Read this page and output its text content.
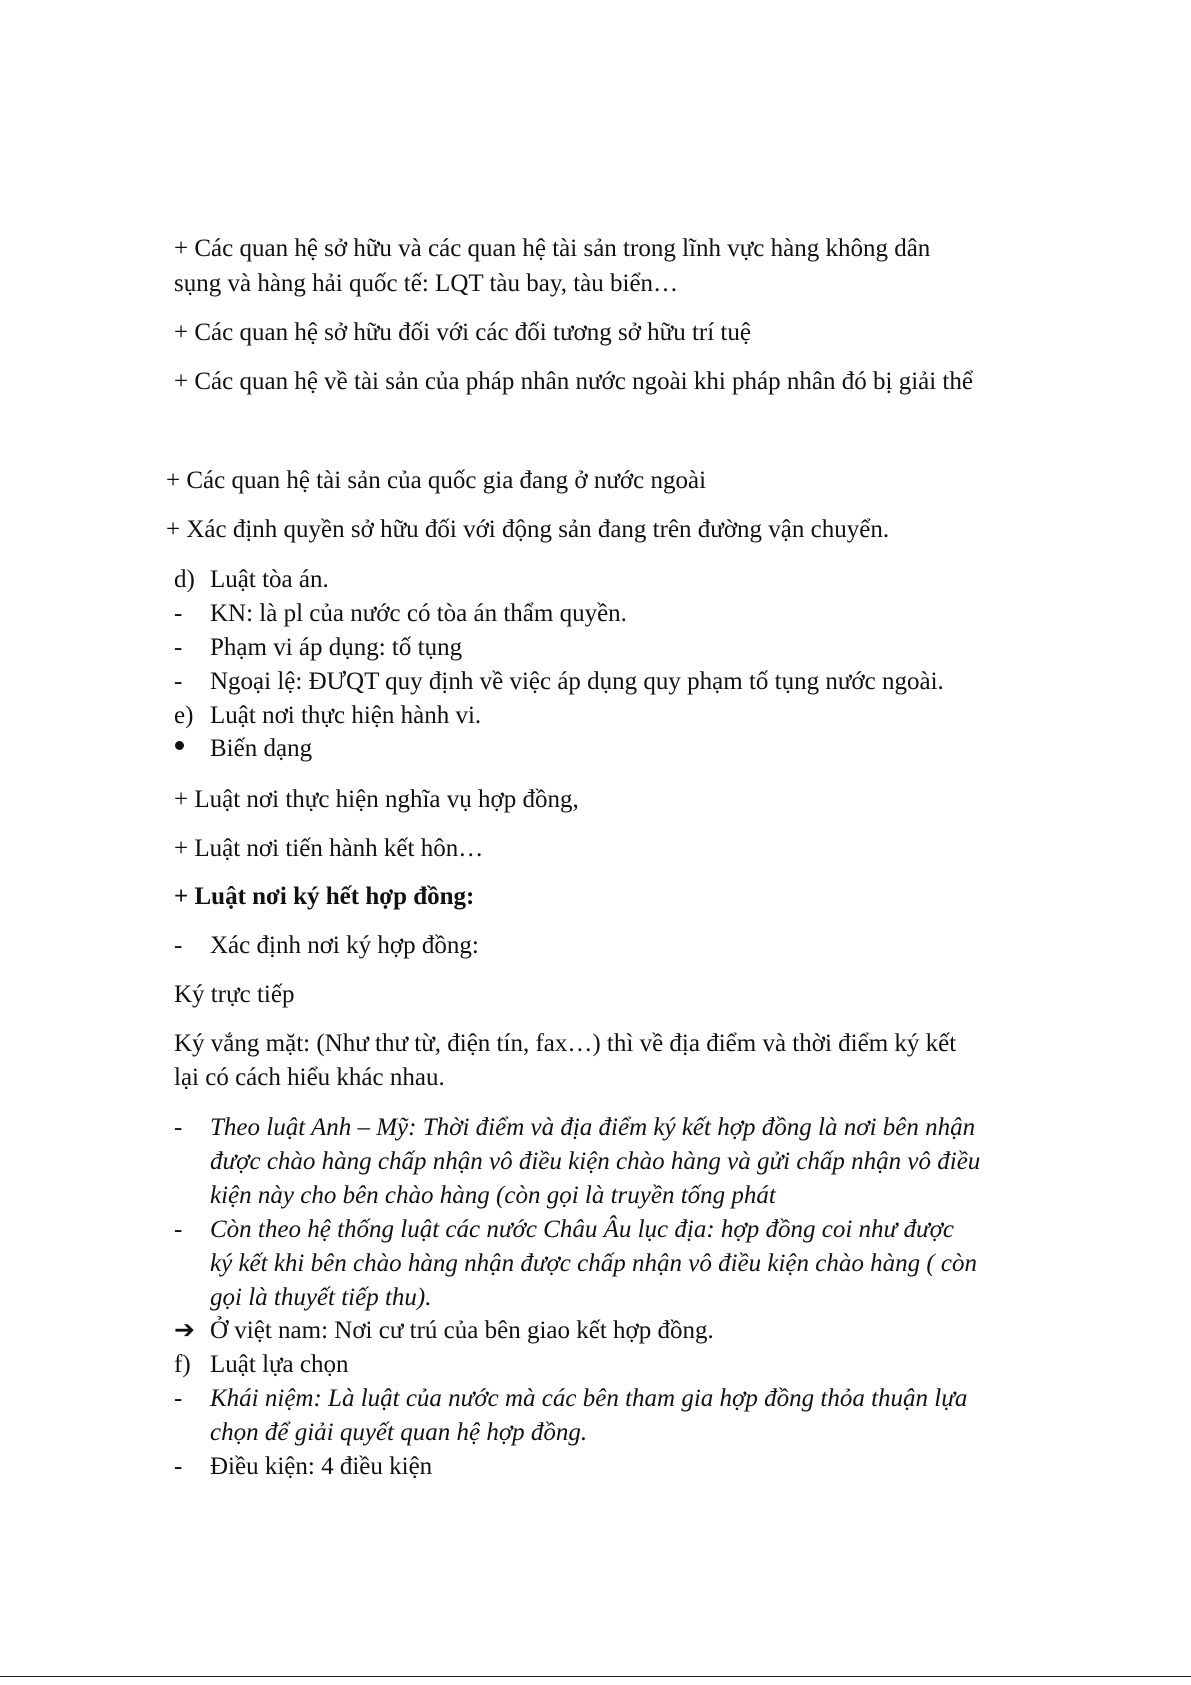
+ Các quan hệ sở hữu và các quan hệ tài sản trong lĩnh vực hàng không dân
sụng và hàng hải quốc tế: LQT tàu bay, tàu biển…
+ Các quan hệ sở hữu đối với các đối tương sở hữu trí tuệ
+ Các quan hệ về tài sản của pháp nhân nước ngoài khi pháp nhân đó bị giải thể
+ Các quan hệ tài sản của quốc gia đang ở nước ngoài
+ Xác định quyền sở hữu đối với động sản đang trên đường vận chuyển.
d) Luật tòa án.
- KN: là pl của nước có tòa án thẩm quyền.
- Phạm vi áp dụng: tố tụng
- Ngoại lệ: ĐƯQT quy định về việc áp dụng quy phạm tố tụng nước ngoài.
e) Luật nơi thực hiện hành vi.
Biến dạng
+ Luật nơi thực hiện nghĩa vụ hợp đồng,
+ Luật nơi tiến hành kết hôn…
+ Luật nơi ký hết hợp đồng:
- Xác định nơi ký hợp đồng:
Ký trực tiếp
Ký vắng mặt: (Như thư từ, điện tín, fax…) thì về địa điểm và thời điểm ký kết
lại có cách hiểu khác nhau.
- Theo luật Anh – Mỹ: Thời điểm và địa điểm ký kết hợp đồng là nơi bên nhận
được chào hàng chấp nhận vô điều kiện chào hàng và gửi chấp nhận vô điều
kiện này cho bên chào hàng (còn gọi là truyền tống phát
- Còn theo hệ thống luật các nước Châu Âu lục địa: hợp đồng coi như được
ký kết khi bên chào hàng nhận được chấp nhận vô điều kiện chào hàng ( còn
gọi là thuyết tiếp thu).
➔ Ở việt nam: Nơi cư trú của bên giao kết hợp đồng.
f) Luật lựa chọn
- Khái niệm: Là luật của nước mà các bên tham gia hợp đồng thỏa thuận lựa
chọn để giải quyết quan hệ hợp đồng.
- Điều kiện: 4 điều kiện
